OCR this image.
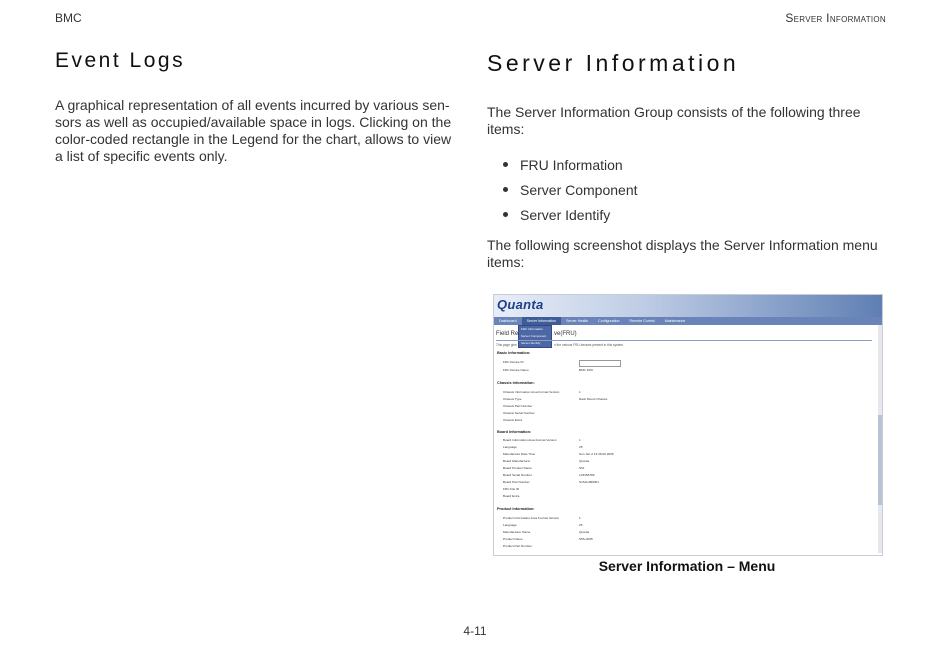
BMC	Server Information
Event Logs

A graphical representation of all events incurred by various sen-sors as well as occupied/available space in logs. Clicking on the color-coded rectangle in the Legend for the chart, allows to view a list of specific events only.

Server Information

The Server Information Group consists of the following three items:

FRU Information
Server Component
Server Identify

The following screenshot displays the Server Information menu items:

Quanta
Dashboard	Server Information	Server Health	Configuration	Remote Control	Maintenance
Field Re	ve(FRU)
FRU Information
Server Component
Server Identify
This page give	n the various FRU devices present in this system.
Basic Information:
FRU Device ID
FRU Device Name	BMC FRU
Chassis Information:
Chassis Information Area Format Version	1
Chassis Type	Rack Mount Chassis
Chassis Part Number
Chassis Serial Number
Chassis Extra
Board Information:
Board Information Area Format Version	1
Language	25
Manufacture Date Time	Sun Jan 2 13:46:00 2005
Board Manufacturer	Quanta
Board Product Name	S5L
Board Serial Number	123456789
Board Part Number	S1S2L4B0001
FRU File ID
Board Extra
Product Information:
Product Information Area Format Version	1
Language	25
Manufacturer Name	Quanta
Product Name	S5S-3025
Product Part Number
Server Information – Menu
4-11
